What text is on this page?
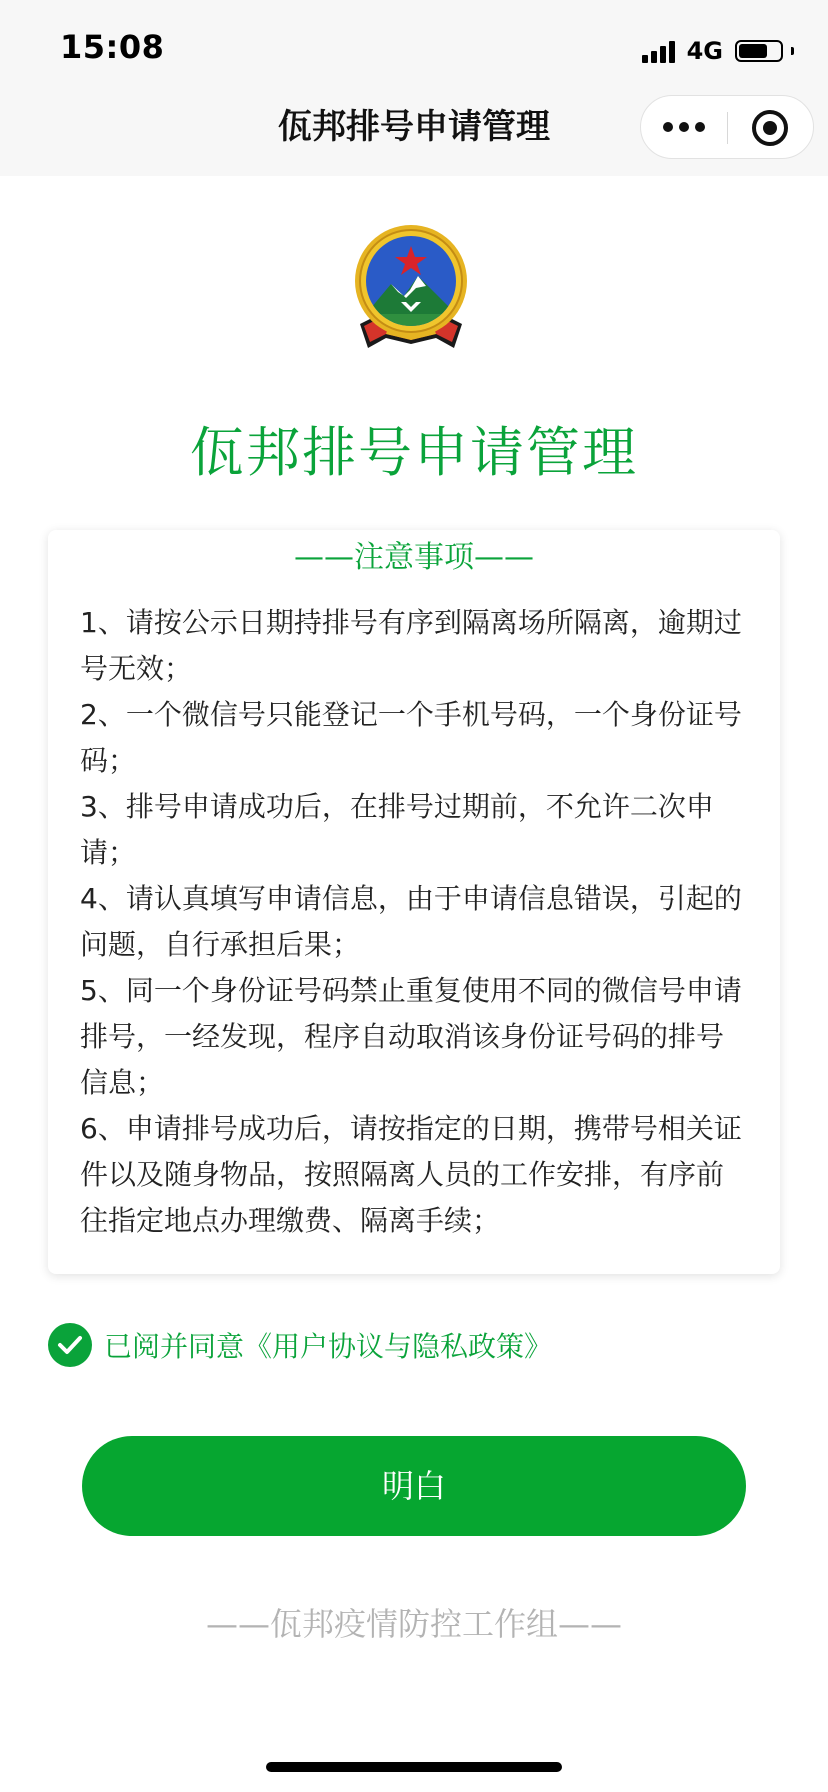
15:08	4G
佤邦排号申请管理
佤邦排号申请管理
——注意事项——

1、请按公示日期持排号有序到隔离场所隔离，逾期过号无效；

2、一个微信号只能登记一个手机号码，一个身份证号码；

3、排号申请成功后，在排号过期前，不允许二次申请；

4、请认真填写申请信息，由于申请信息错误，引起的问题，自行承担后果；

5、同一个身份证号码禁止重复使用不同的微信号申请排号，一经发现，程序自动取消该身份证号码的排号信息；

6、申请排号成功后，请按指定的日期，携带号相关证件以及随身物品，按照隔离人员的工作安排，有序前往指定地点办理缴费、隔离手续；

已阅并同意《用户协议与隐私政策》
明白
——佤邦疫情防控工作组——
